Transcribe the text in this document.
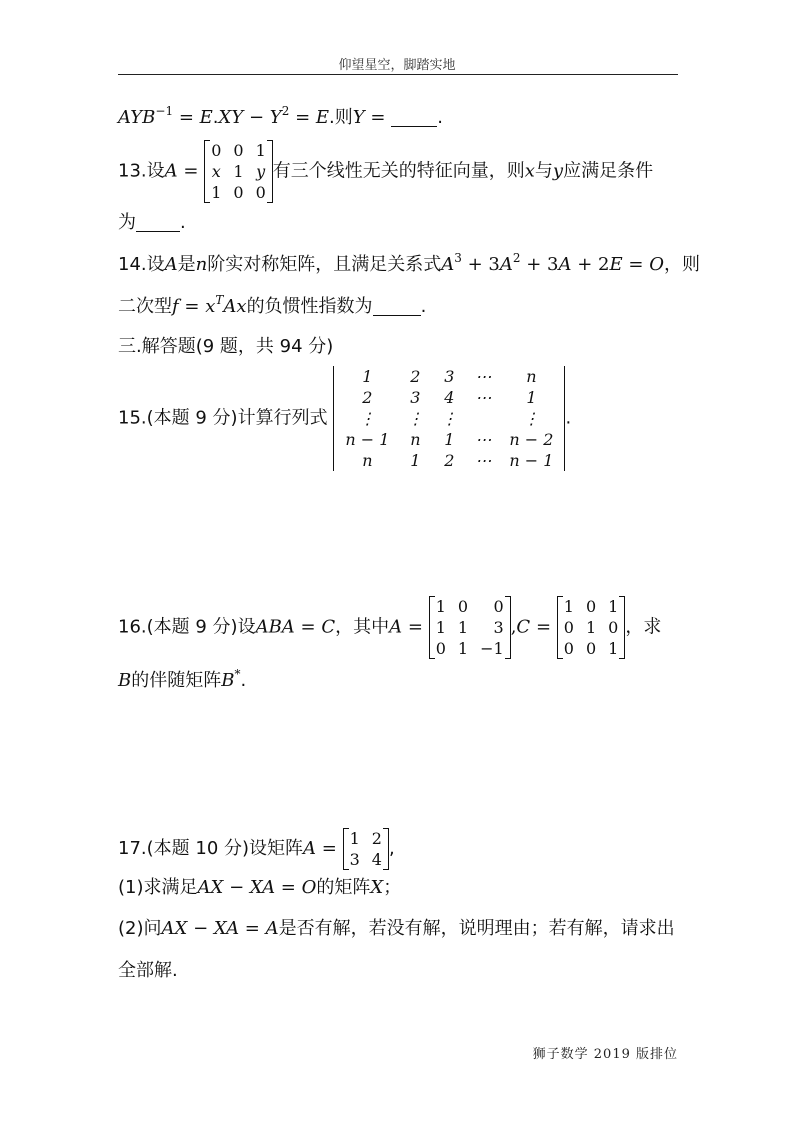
仰望星空，脚踏实地
$AYB^{-1} = E.XY - Y^2 = E$.则Y =	.
13.设A =
0	0	1
x	1	y
1	0	0
有三个线性无关的特征向量，则x与y应满足条件
为 .
14.设A是n阶实对称矩阵，且满足关系式$A^3 + 3A^2 + 3A + 2E = O$，则
二次型$f = x^TAx$的负惯性指数为	.
三.解答题(9 题，共 94 分)
15.(本题 9 分)计算行列式
1	2	3	⋯	n
2	3	4	⋯	1
⋮	⋮	⋮		⋮
n − 1	n	1	⋯	n − 2
n	1	2	⋯	n − 1
.
16.(本题 9 分)设ABA = C，其中A =
1	0	0
1	1	3
0	1	−1
,C =
1	0	1
0	1	0
0	0	1
，求
B的伴随矩阵B*.
17.(本题 10 分)设矩阵A = 1	2
3	4
,
(1)求满足AX − XA = O的矩阵X；
(2)问AX − XA = A是否有解，若没有解，说明理由；若有解，请求出
全部解.
狮子数学 2019 版排位
